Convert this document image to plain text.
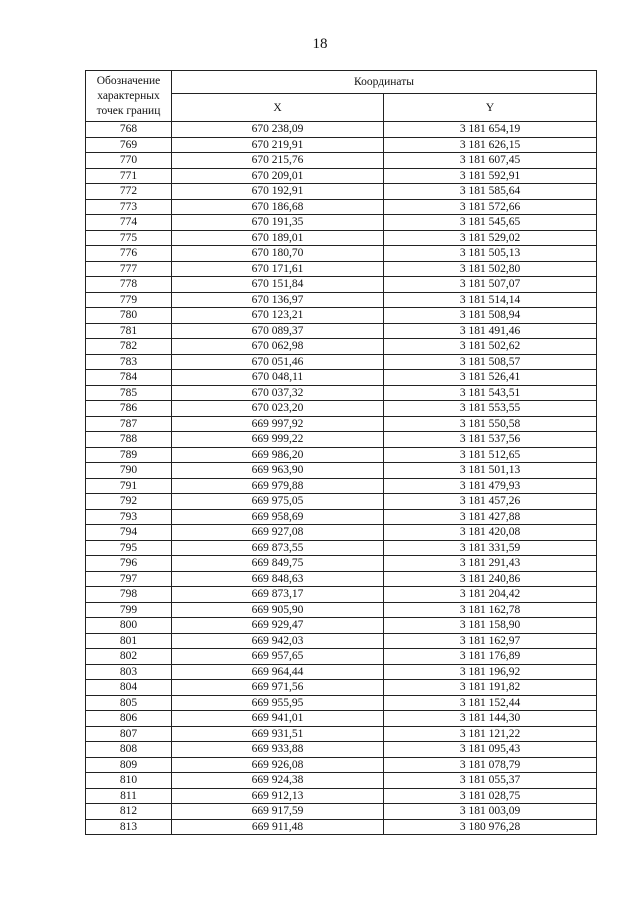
18
Обозначение характерных точек границ	Координаты	
	X	Y
768	670 238,09	3 181 654,19
769	670 219,91	3 181 626,15
770	670 215,76	3 181 607,45
771	670 209,01	3 181 592,91
772	670 192,91	3 181 585,64
773	670 186,68	3 181 572,66
774	670 191,35	3 181 545,65
775	670 189,01	3 181 529,02
776	670 180,70	3 181 505,13
777	670 171,61	3 181 502,80
778	670 151,84	3 181 507,07
779	670 136,97	3 181 514,14
780	670 123,21	3 181 508,94
781	670 089,37	3 181 491,46
782	670 062,98	3 181 502,62
783	670 051,46	3 181 508,57
784	670 048,11	3 181 526,41
785	670 037,32	3 181 543,51
786	670 023,20	3 181 553,55
787	669 997,92	3 181 550,58
788	669 999,22	3 181 537,56
789	669 986,20	3 181 512,65
790	669 963,90	3 181 501,13
791	669 979,88	3 181 479,93
792	669 975,05	3 181 457,26
793	669 958,69	3 181 427,88
794	669 927,08	3 181 420,08
795	669 873,55	3 181 331,59
796	669 849,75	3 181 291,43
797	669 848,63	3 181 240,86
798	669 873,17	3 181 204,42
799	669 905,90	3 181 162,78
800	669 929,47	3 181 158,90
801	669 942,03	3 181 162,97
802	669 957,65	3 181 176,89
803	669 964,44	3 181 196,92
804	669 971,56	3 181 191,82
805	669 955,95	3 181 152,44
806	669 941,01	3 181 144,30
807	669 931,51	3 181 121,22
808	669 933,88	3 181 095,43
809	669 926,08	3 181 078,79
810	669 924,38	3 181 055,37
811	669 912,13	3 181 028,75
812	669 917,59	3 181 003,09
813	669 911,48	3 180 976,28
